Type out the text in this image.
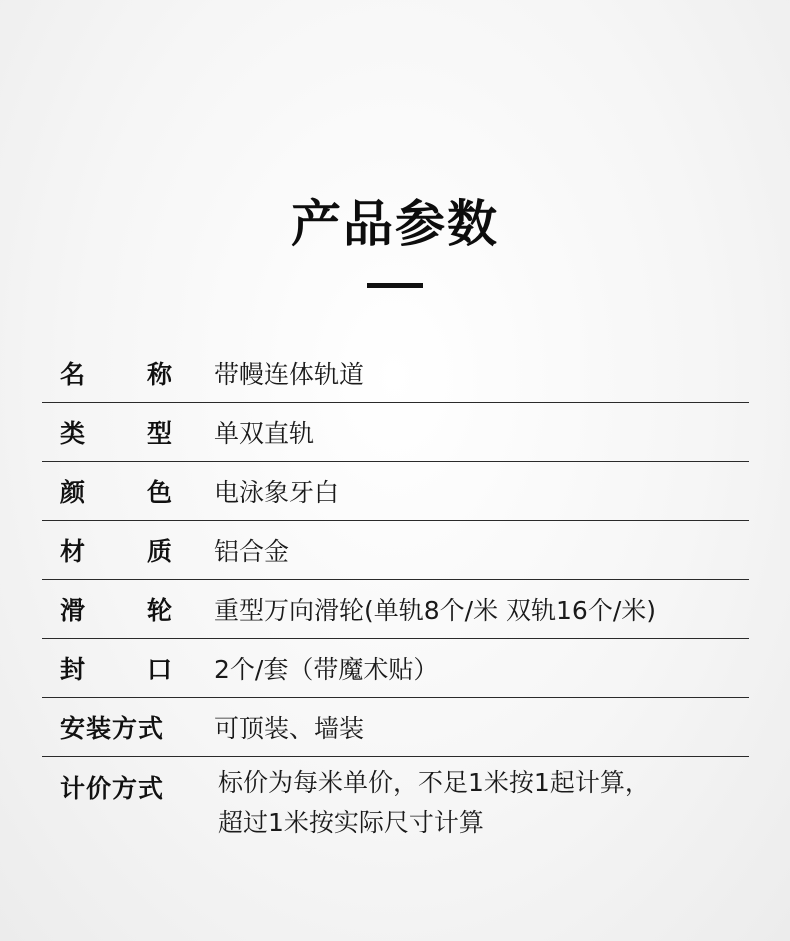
产品参数
名 称 带幔连体轨道
类 型 单双直轨
颜 色 电泳象牙白
材 质 铝合金
滑 轮 重型万向滑轮(单轨8个/米 双轨16个/米)
封 口 2个/套（带魔术贴）
安装方式	可顶装、墙装
计价方式	标价为每米单价，不足1米按1起计算，
超过1米按实际尺寸计算
